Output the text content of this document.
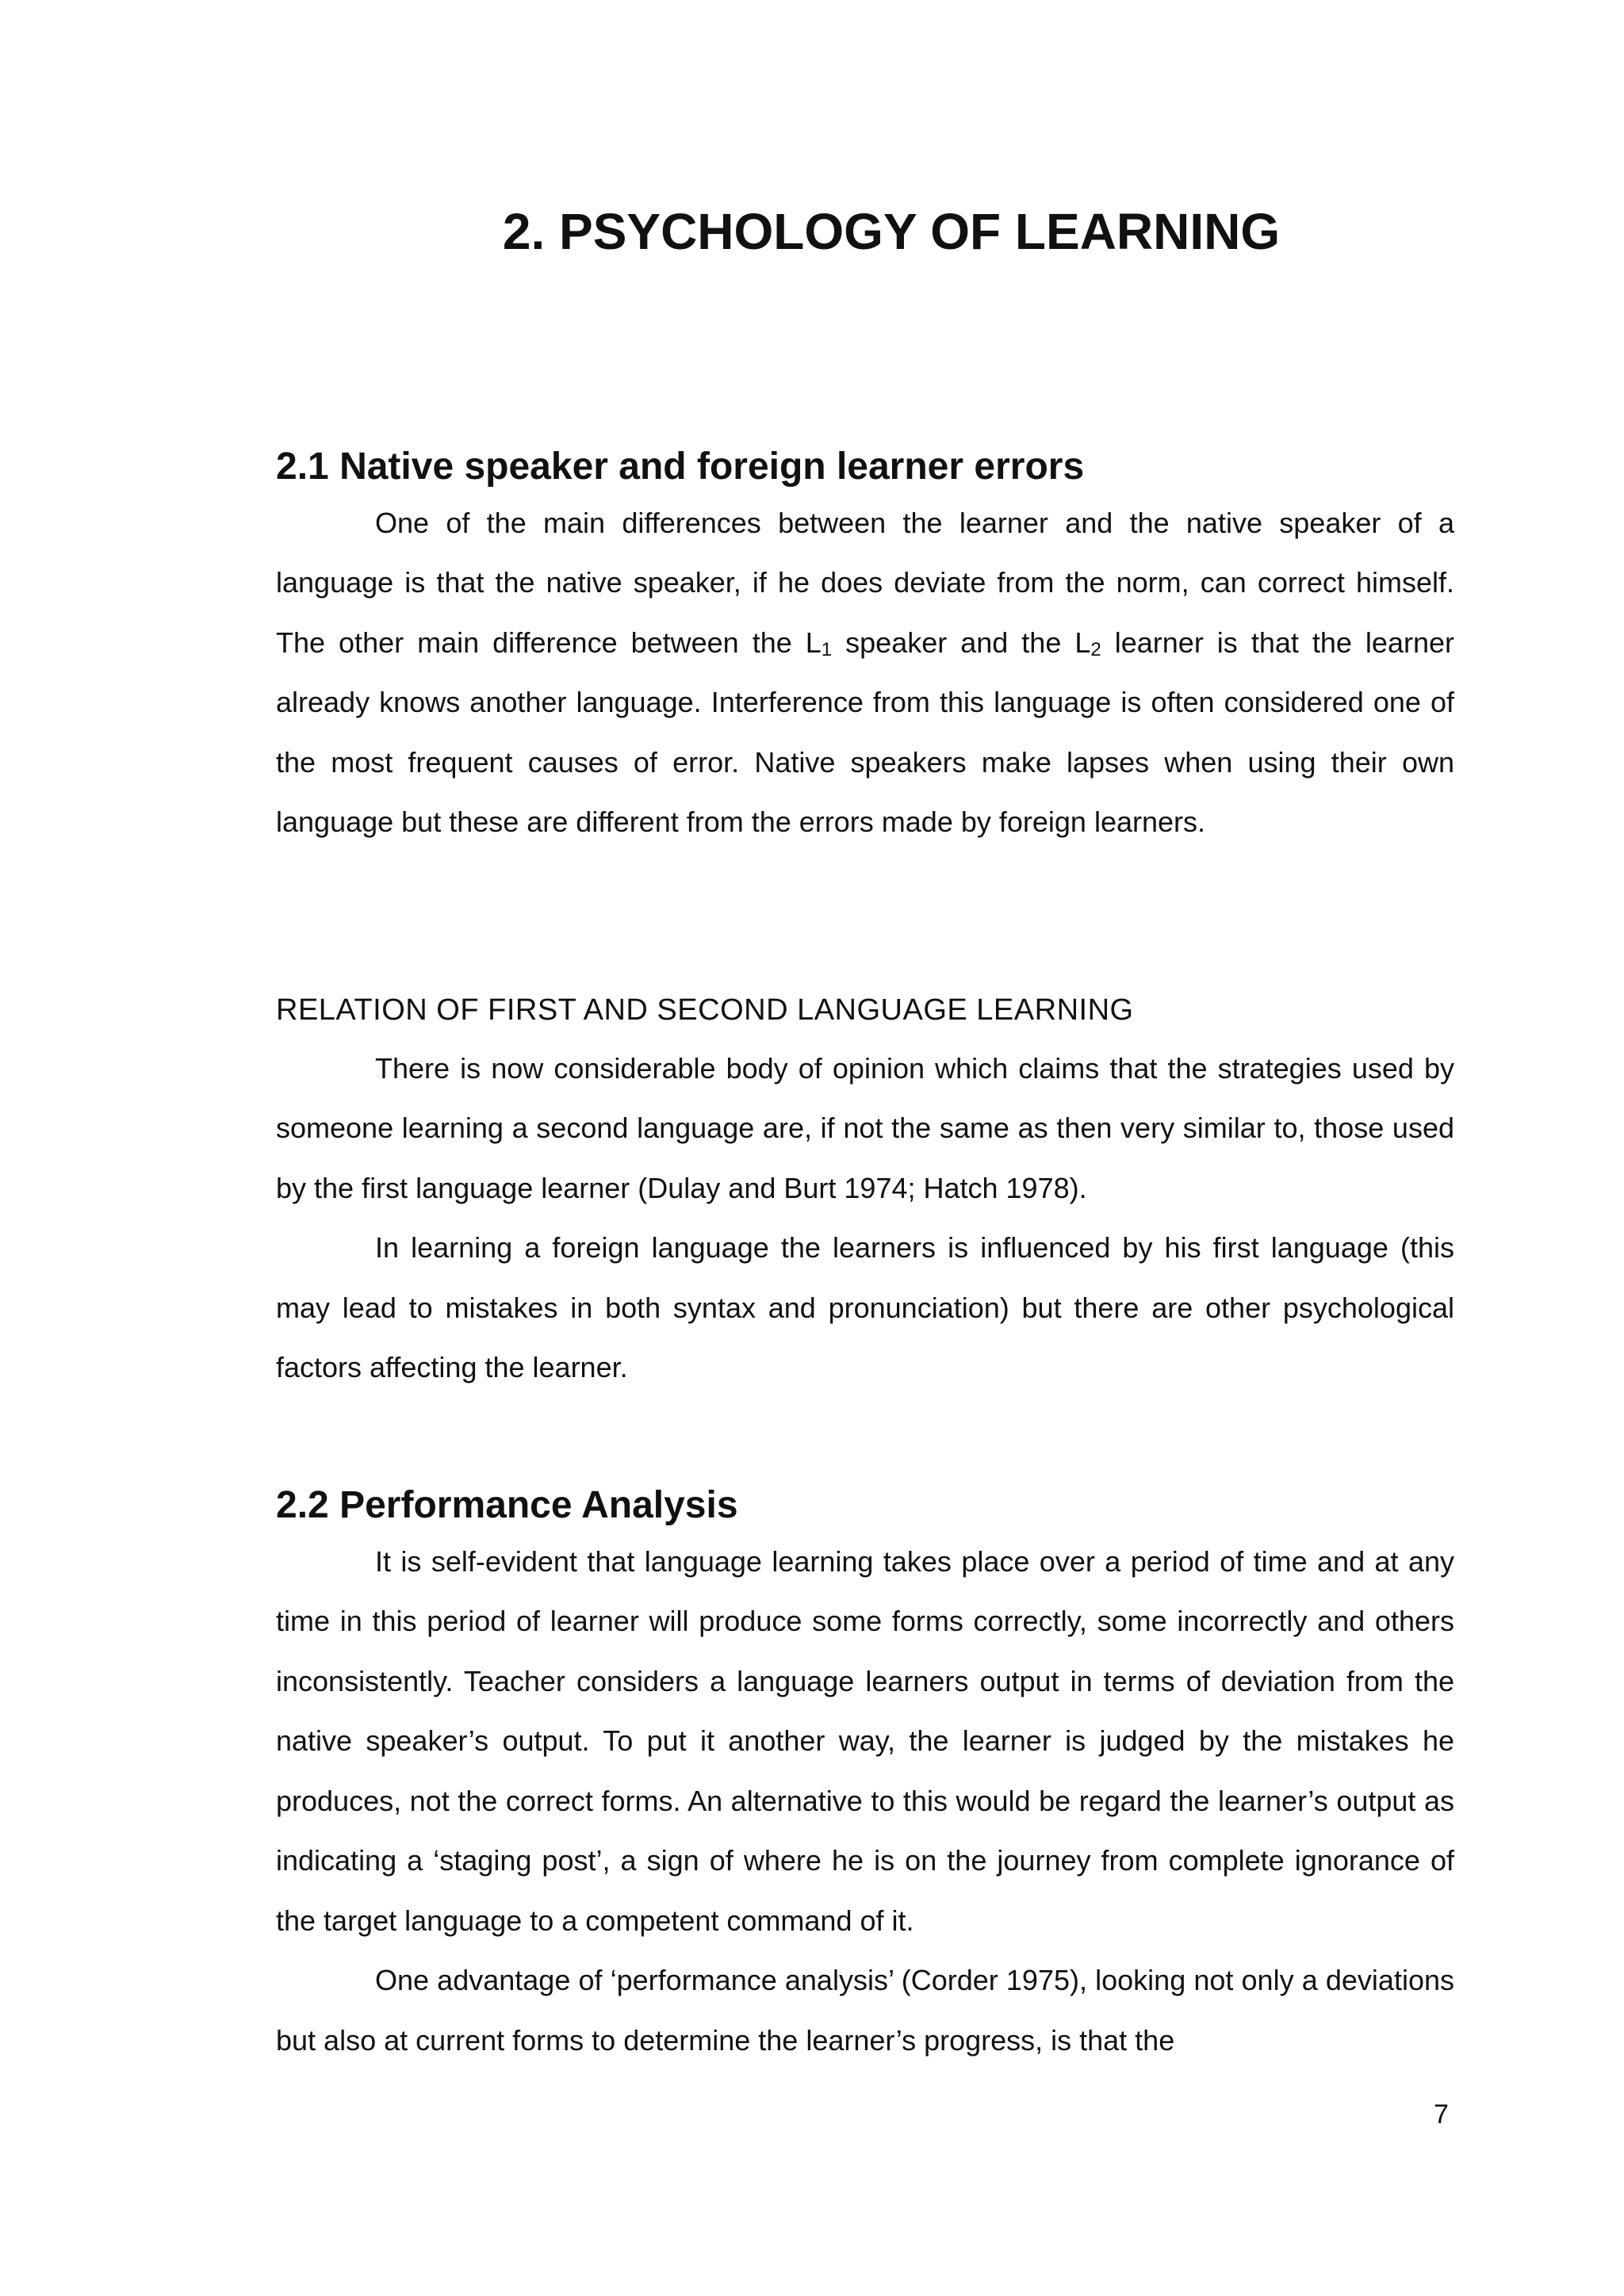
2. PSYCHOLOGY OF LEARNING
2.1 Native speaker and foreign learner errors

One of the main differences between the learner and the native speaker of a language is that the native speaker, if he does deviate from the norm, can correct himself. The other main difference between the $L_1$ speaker and the $L_2$ learner is that the learner already knows another language. Interference from this language is often considered one of the most frequent causes of error. Native speakers make lapses when using their own language but these are different from the errors made by foreign learners.

RELATION OF FIRST AND SECOND LANGUAGE LEARNING

There is now considerable body of opinion which claims that the strategies used by someone learning a second language are, if not the same as then very similar to, those used by the first language learner (Dulay and Burt 1974; Hatch 1978).

In learning a foreign language the learners is influenced by his first language (this may lead to mistakes in both syntax and pronunciation) but there are other psychological factors affecting the learner.

2.2 Performance Analysis

It is self-evident that language learning takes place over a period of time and at any time in this period of learner will produce some forms correctly, some incorrectly and others inconsistently. Teacher considers a language learners output in terms of deviation from the native speaker’s output. To put it another way, the learner is judged by the mistakes he produces, not the correct forms. An alternative to this would be regard the learner’s output as indicating a ‘staging post’, a sign of where he is on the journey from complete ignorance of the target language to a competent command of it.

One advantage of ‘performance analysis’ (Corder 1975), looking not only a deviations but also at current forms to determine the learner’s progress, is that the

7
